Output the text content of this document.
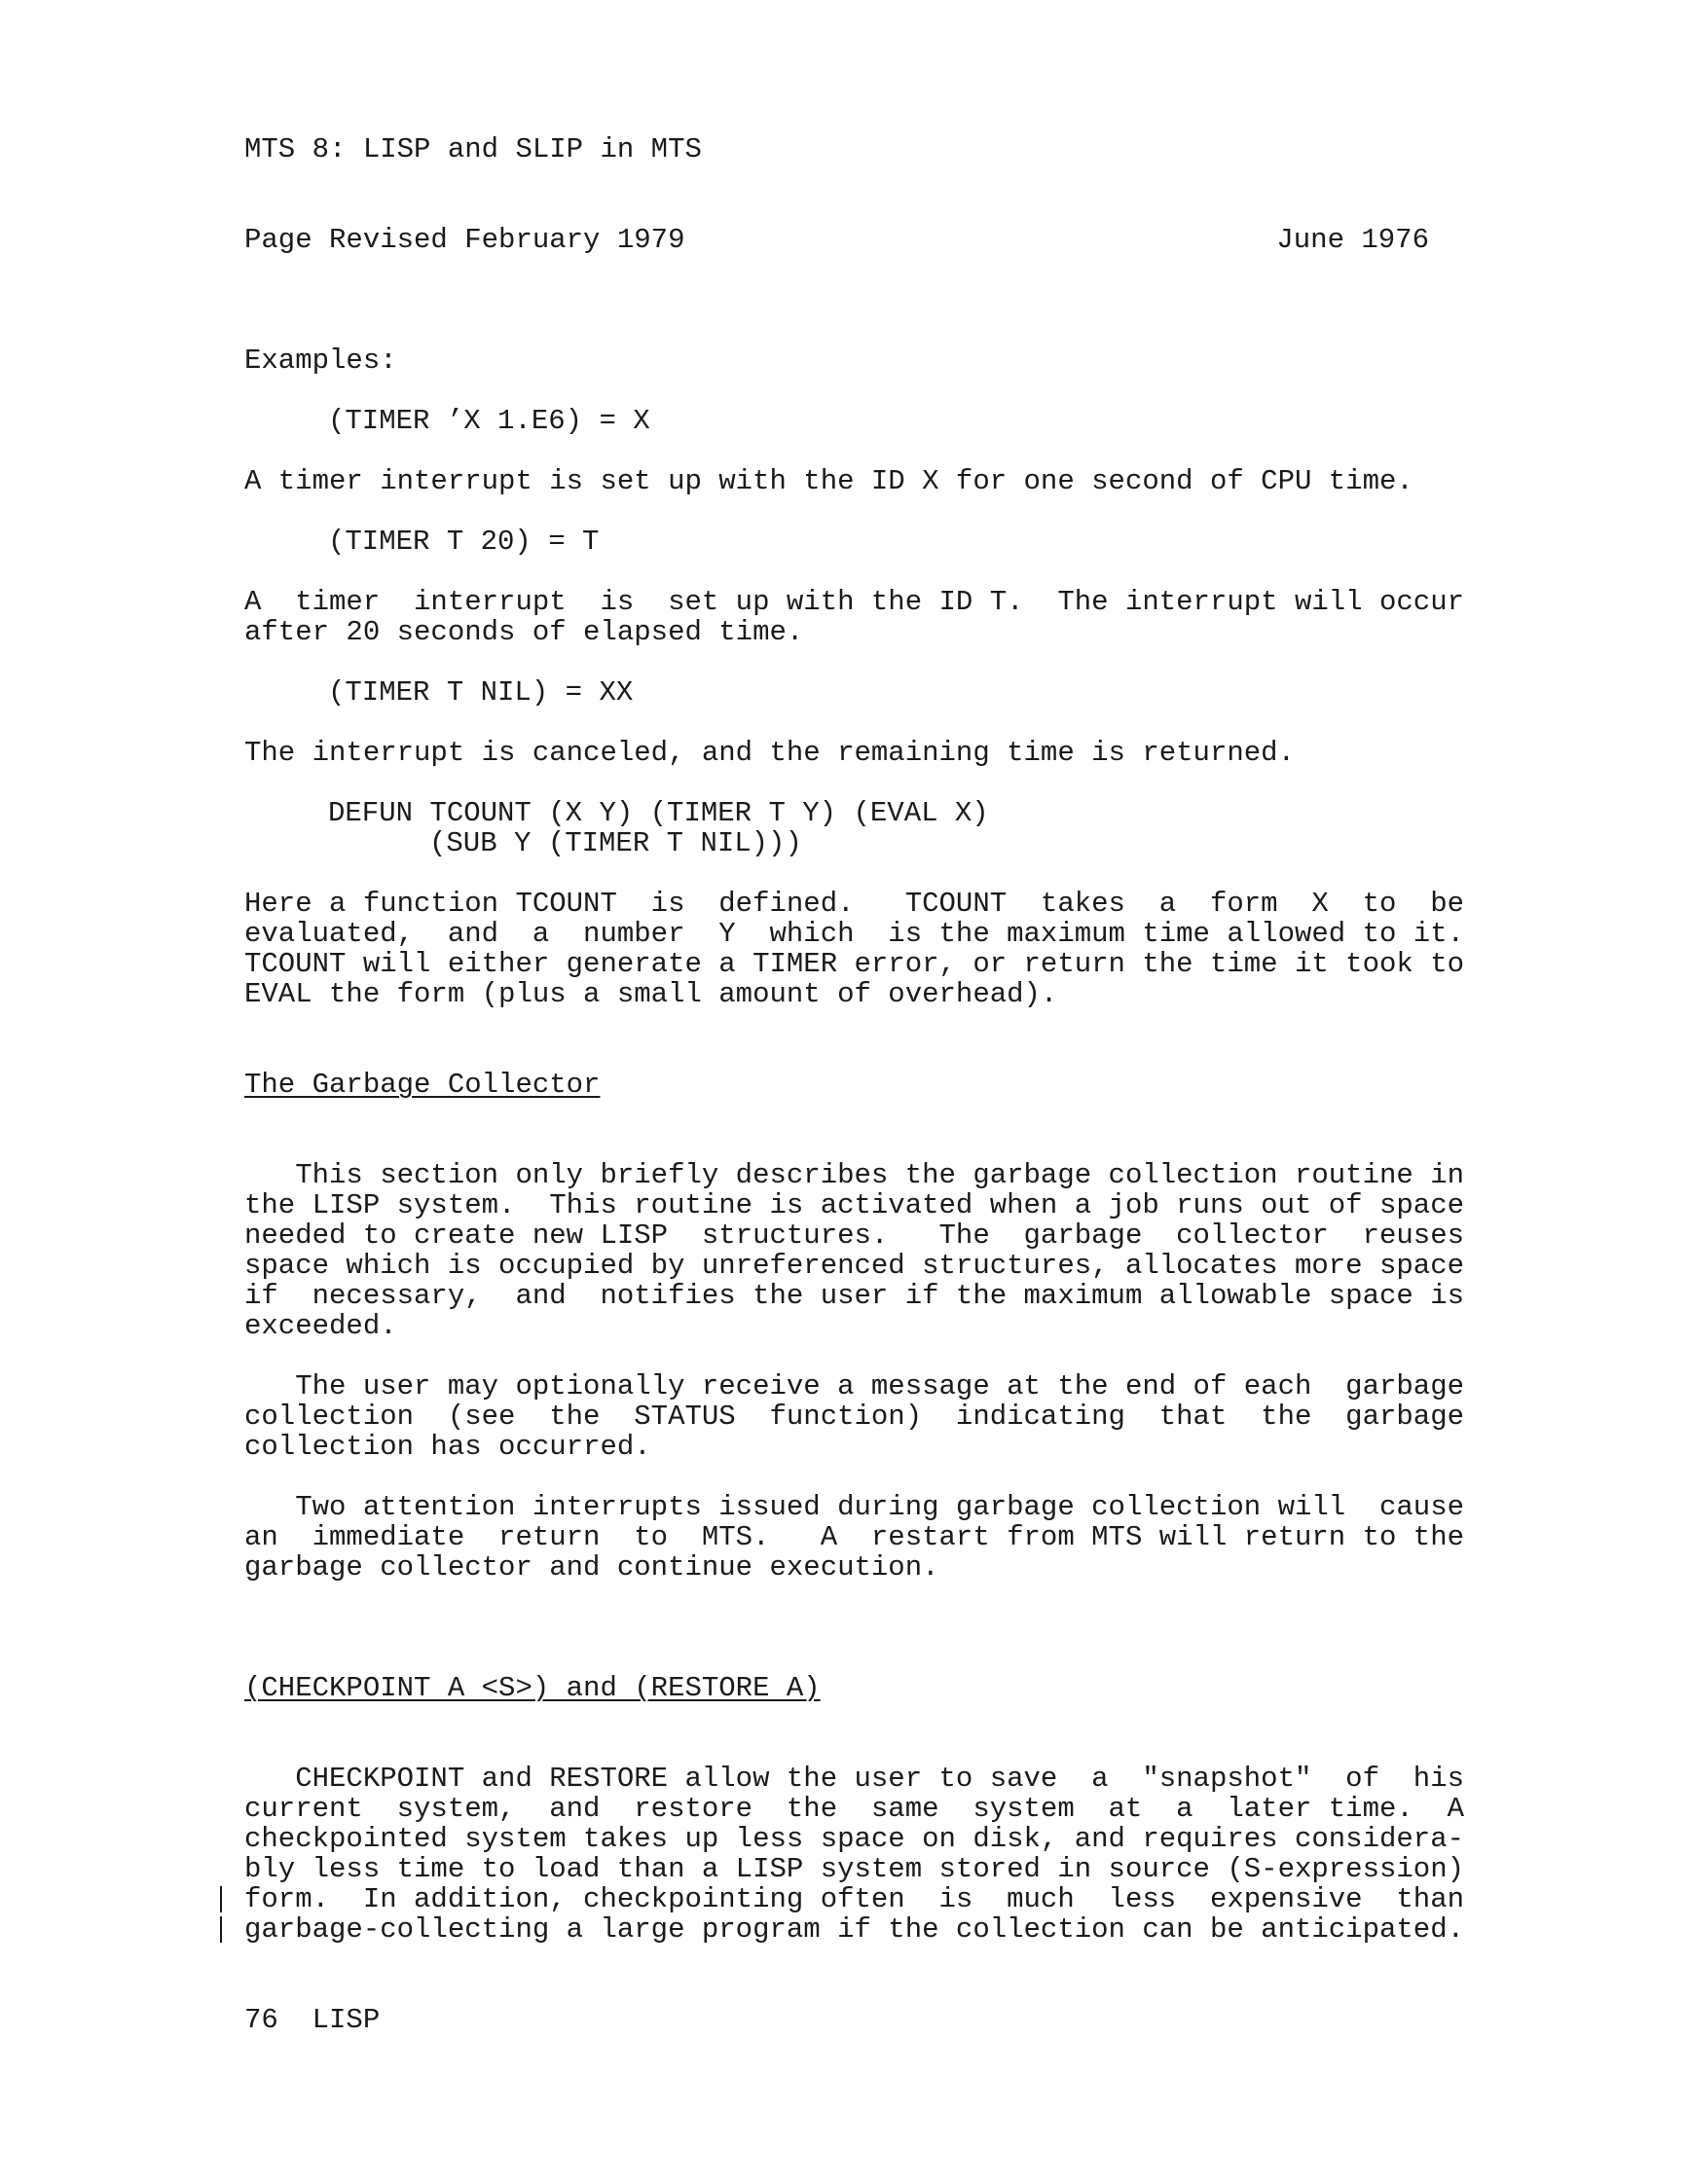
MTS 8: LISP and SLIP in MTS
Page Revised February 1979	June 1976
Examples:
(TIMER ’X 1.E6) = X
A timer interrupt is set up with the ID X for one second of CPU time.
(TIMER T 20) = T
A  timer  interrupt  is  set up with the ID T.  The interrupt will occur
after 20 seconds of elapsed time.
(TIMER T NIL) = XX
The interrupt is canceled, and the remaining time is returned.
DEFUN TCOUNT (X Y) (TIMER T Y) (EVAL X)
(SUB Y (TIMER T NIL)))
Here a function TCOUNT  is  defined.   TCOUNT  takes  a  form  X  to  be
evaluated,  and  a  number  Y  which  is the maximum time allowed to it.
TCOUNT will either generate a TIMER error, or return the time it took to
EVAL the form (plus a small amount of overhead).
The Garbage Collector
This section only briefly describes the garbage collection routine in
the LISP system.  This routine is activated when a job runs out of space
needed to create new LISP  structures.   The  garbage  collector  reuses
space which is occupied by unreferenced structures, allocates more space
if  necessary,  and  notifies the user if the maximum allowable space is
exceeded.
The user may optionally receive a message at the end of each  garbage
collection  (see  the  STATUS  function)  indicating  that  the  garbage
collection has occurred.
Two attention interrupts issued during garbage collection will  cause
an  immediate  return  to  MTS.   A  restart from MTS will return to the
garbage collector and continue execution.
(CHECKPOINT A <S>) and (RESTORE A)
CHECKPOINT and RESTORE allow the user to save  a  "snapshot"  of  his
current  system,  and  restore  the  same  system  at  a  later time.  A
checkpointed system takes up less space on disk, and requires considera-
bly less time to load than a LISP system stored in source (S-expression)
form.  In addition, checkpointing often  is  much  less  expensive  than
garbage-collecting a large program if the collection can be anticipated.
76  LISP
